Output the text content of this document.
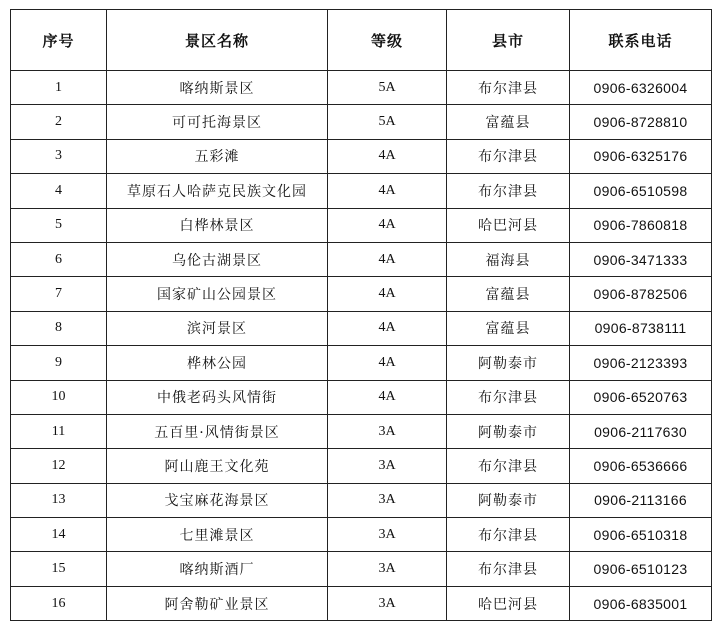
序号	景区名称	等级	县市	联系电话
1	喀纳斯景区	5A	布尔津县	0906-6326004
2	可可托海景区	5A	富蕴县	0906-8728810
3	五彩滩	4A	布尔津县	0906-6325176
4	草原石人哈萨克民族文化园	4A	布尔津县	0906-6510598
5	白桦林景区	4A	哈巴河县	0906-7860818
6	乌伦古湖景区	4A	福海县	0906-3471333
7	国家矿山公园景区	4A	富蕴县	0906-8782506
8	滨河景区	4A	富蕴县	0906-8738111
9	桦林公园	4A	阿勒泰市	0906-2123393
10	中俄老码头风情街	4A	布尔津县	0906-6520763
11	五百里·风情街景区	3A	阿勒泰市	0906-2117630
12	阿山鹿王文化苑	3A	布尔津县	0906-6536666
13	戈宝麻花海景区	3A	阿勒泰市	0906-2113166
14	七里滩景区	3A	布尔津县	0906-6510318
15	喀纳斯酒厂	3A	布尔津县	0906-6510123
16	阿舍勒矿业景区	3A	哈巴河县	0906-6835001
